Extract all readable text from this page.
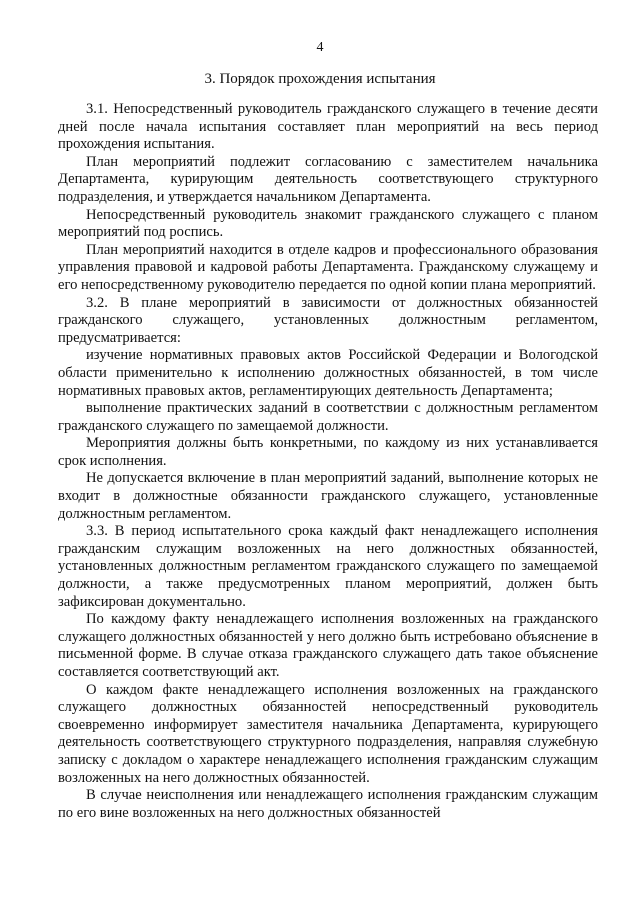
4
3. Порядок прохождения испытания

3.1. Непосредственный руководитель гражданского служащего в течение десяти дней после начала испытания составляет план мероприятий на весь период прохождения испытания.

План мероприятий подлежит согласованию с заместителем начальника Департамента, курирующим деятельность соответствующего структурного подразделения, и утверждается начальником Департамента.

Непосредственный руководитель знакомит гражданского служащего с планом мероприятий под роспись.

План мероприятий находится в отделе кадров и профессионального образования управления правовой и кадровой работы Департамента. Гражданскому служащему и его непосредственному руководителю передается по одной копии плана мероприятий.

3.2. В плане мероприятий в зависимости от должностных обязанностей гражданского служащего, установленных должностным регламентом, предусматривается:

изучение нормативных правовых актов Российской Федерации и Вологодской области применительно к исполнению должностных обязанностей, в том числе нормативных правовых актов, регламентирующих деятельность Департамента;

выполнение практических заданий в соответствии с должностным регламентом гражданского служащего по замещаемой должности.

Мероприятия должны быть конкретными, по каждому из них устанавливается срок исполнения.

Не допускается включение в план мероприятий заданий, выполнение которых не входит в должностные обязанности гражданского служащего, установленные должностным регламентом.

3.3. В период испытательного срока каждый факт ненадлежащего исполнения гражданским служащим возложенных на него должностных обязанностей, установленных должностным регламентом гражданского служащего по замещаемой должности, а также предусмотренных планом мероприятий, должен быть зафиксирован документально.

По каждому факту ненадлежащего исполнения возложенных на гражданского служащего должностных обязанностей у него должно быть истребовано объяснение в письменной форме. В случае отказа гражданского служащего дать такое объяснение составляется соответствующий акт.

О каждом факте ненадлежащего исполнения возложенных на гражданского служащего должностных обязанностей непосредственный руководитель своевременно информирует заместителя начальника Департамента, курирующего деятельность соответствующего структурного подразделения, направляя служебную записку с докладом о характере ненадлежащего исполнения гражданским служащим возложенных на него должностных обязанностей.

В случае неисполнения или ненадлежащего исполнения гражданским служащим по его вине возложенных на него должностных обязанностей
